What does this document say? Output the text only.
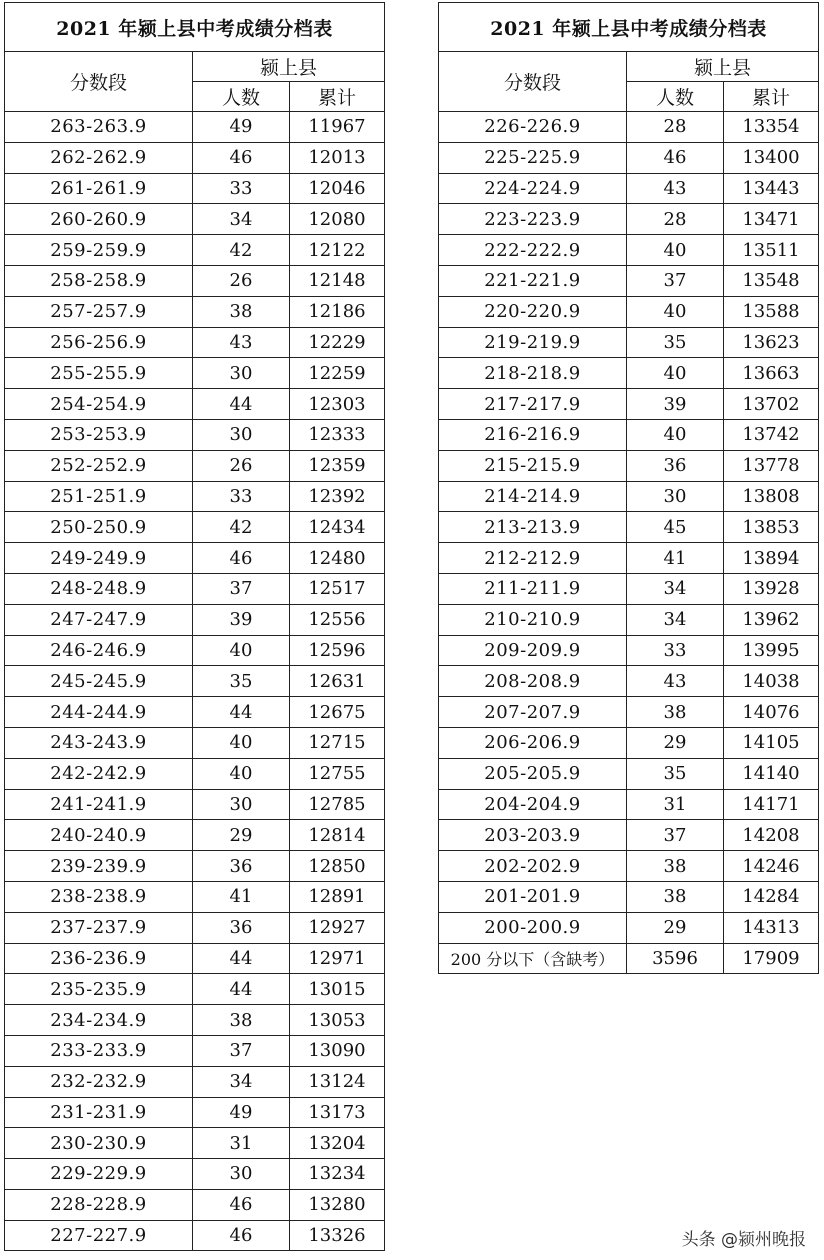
2021 年颍上县中考成绩分档表		
分数段	颍上县	
	人数	累计
263-263.9	49	11967
262-262.9	46	12013
261-261.9	33	12046
260-260.9	34	12080
259-259.9	42	12122
258-258.9	26	12148
257-257.9	38	12186
256-256.9	43	12229
255-255.9	30	12259
254-254.9	44	12303
253-253.9	30	12333
252-252.9	26	12359
251-251.9	33	12392
250-250.9	42	12434
249-249.9	46	12480
248-248.9	37	12517
247-247.9	39	12556
246-246.9	40	12596
245-245.9	35	12631
244-244.9	44	12675
243-243.9	40	12715
242-242.9	40	12755
241-241.9	30	12785
240-240.9	29	12814
239-239.9	36	12850
238-238.9	41	12891
237-237.9	36	12927
236-236.9	44	12971
235-235.9	44	13015
234-234.9	38	13053
233-233.9	37	13090
232-232.9	34	13124
231-231.9	49	13173
230-230.9	31	13204
229-229.9	30	13234
228-228.9	46	13280
227-227.9	46	13326
2021 年颍上县中考成绩分档表		
分数段	颍上县	
	人数	累计
226-226.9	28	13354
225-225.9	46	13400
224-224.9	43	13443
223-223.9	28	13471
222-222.9	40	13511
221-221.9	37	13548
220-220.9	40	13588
219-219.9	35	13623
218-218.9	40	13663
217-217.9	39	13702
216-216.9	40	13742
215-215.9	36	13778
214-214.9	30	13808
213-213.9	45	13853
212-212.9	41	13894
211-211.9	34	13928
210-210.9	34	13962
209-209.9	33	13995
208-208.9	43	14038
207-207.9	38	14076
206-206.9	29	14105
205-205.9	35	14140
204-204.9	31	14171
203-203.9	37	14208
202-202.9	38	14246
201-201.9	38	14284
200-200.9	29	14313
200 分以下（含缺考）	3596	17909
头条 @颍州晚报
